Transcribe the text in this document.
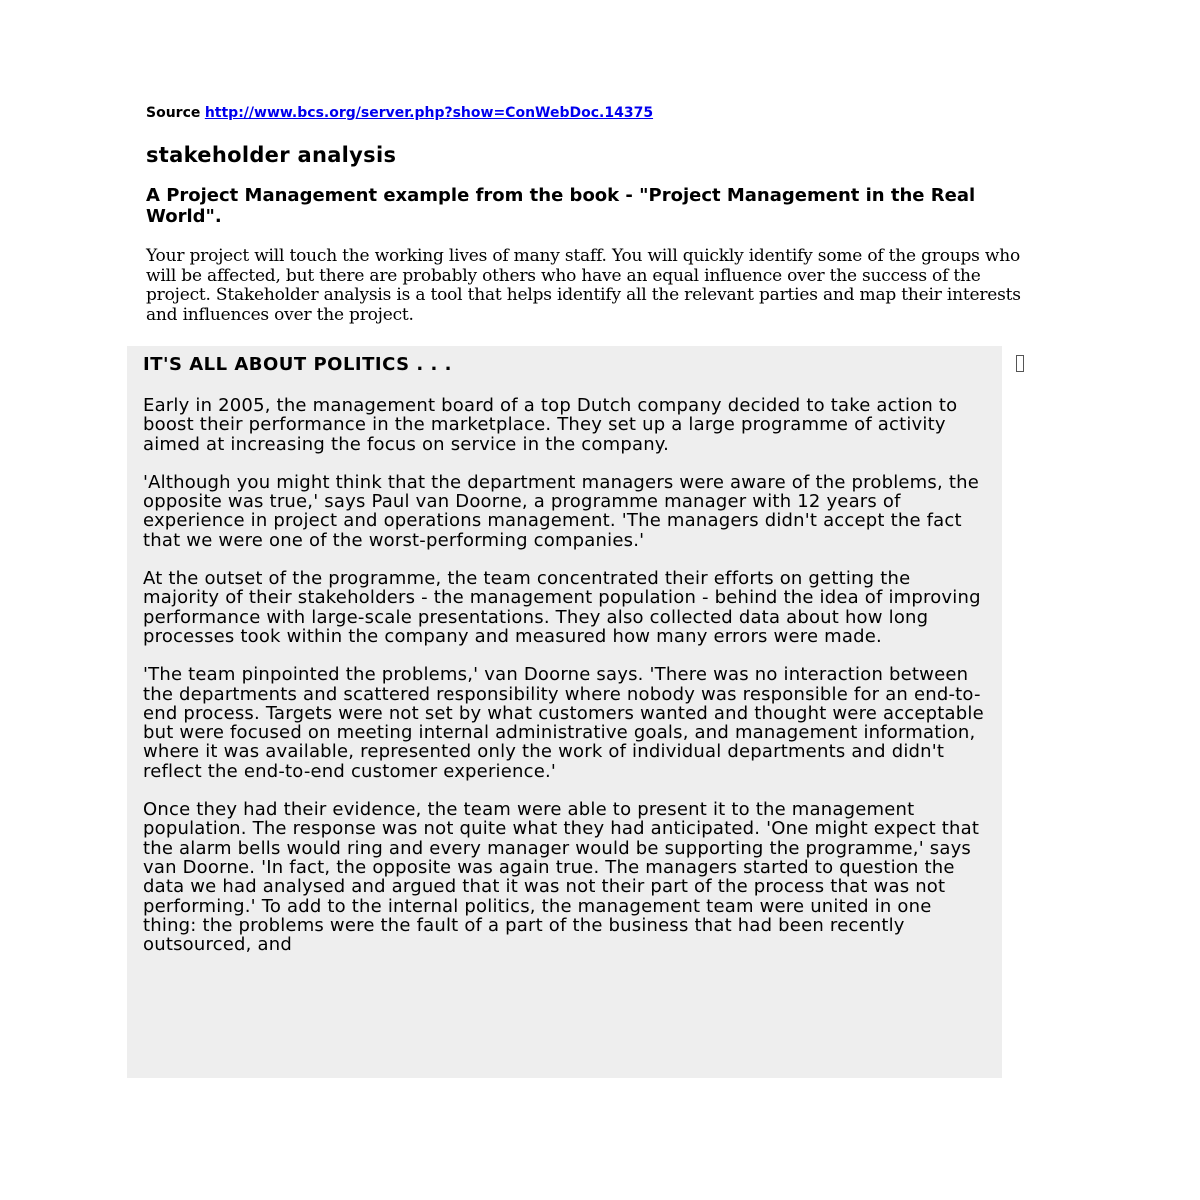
Source http://www.bcs.org/server.php?show=ConWebDoc.14375
stakeholder analysis
A Project Management example from the book - "Project Management in the Real World".

Your project will touch the working lives of many staff. You will quickly identify some of the groups who will be affected, but there are probably others who have an equal influence over the success of the project. Stakeholder analysis is a tool that helps identify all the relevant parties and map their interests and influences over the project.

IT'S ALL ABOUT POLITICS . . .

Early in 2005, the management board of a top Dutch company decided to take action to boost their performance in the marketplace. They set up a large programme of activity aimed at increasing the focus on service in the company.

'Although you might think that the department managers were aware of the problems, the opposite was true,' says Paul van Doorne, a programme manager with 12 years of experience in project and operations management. 'The managers didn't accept the fact that we were one of the worst-performing companies.'

At the outset of the programme, the team concentrated their efforts on getting the majority of their stakeholders - the management population - behind the idea of improving performance with large-scale presentations. They also collected data about how long processes took within the company and measured how many errors were made.

'The team pinpointed the problems,' van Doorne says. 'There was no interaction between the departments and scattered responsibility where nobody was responsible for an end-to-end process. Targets were not set by what customers wanted and thought were acceptable but were focused on meeting internal administrative goals, and management information, where it was available, represented only the work of individual departments and didn't reflect the end-to-end customer experience.'

Once they had their evidence, the team were able to present it to the management population. The response was not quite what they had anticipated. 'One might expect that the alarm bells would ring and every manager would be supporting the programme,' says van Doorne. 'In fact, the opposite was again true. The managers started to question the data we had analysed and argued that it was not their part of the process that was not performing.' To add to the internal politics, the management team were united in one thing: the problems were the fault of a part of the business that had been recently outsourced, and
